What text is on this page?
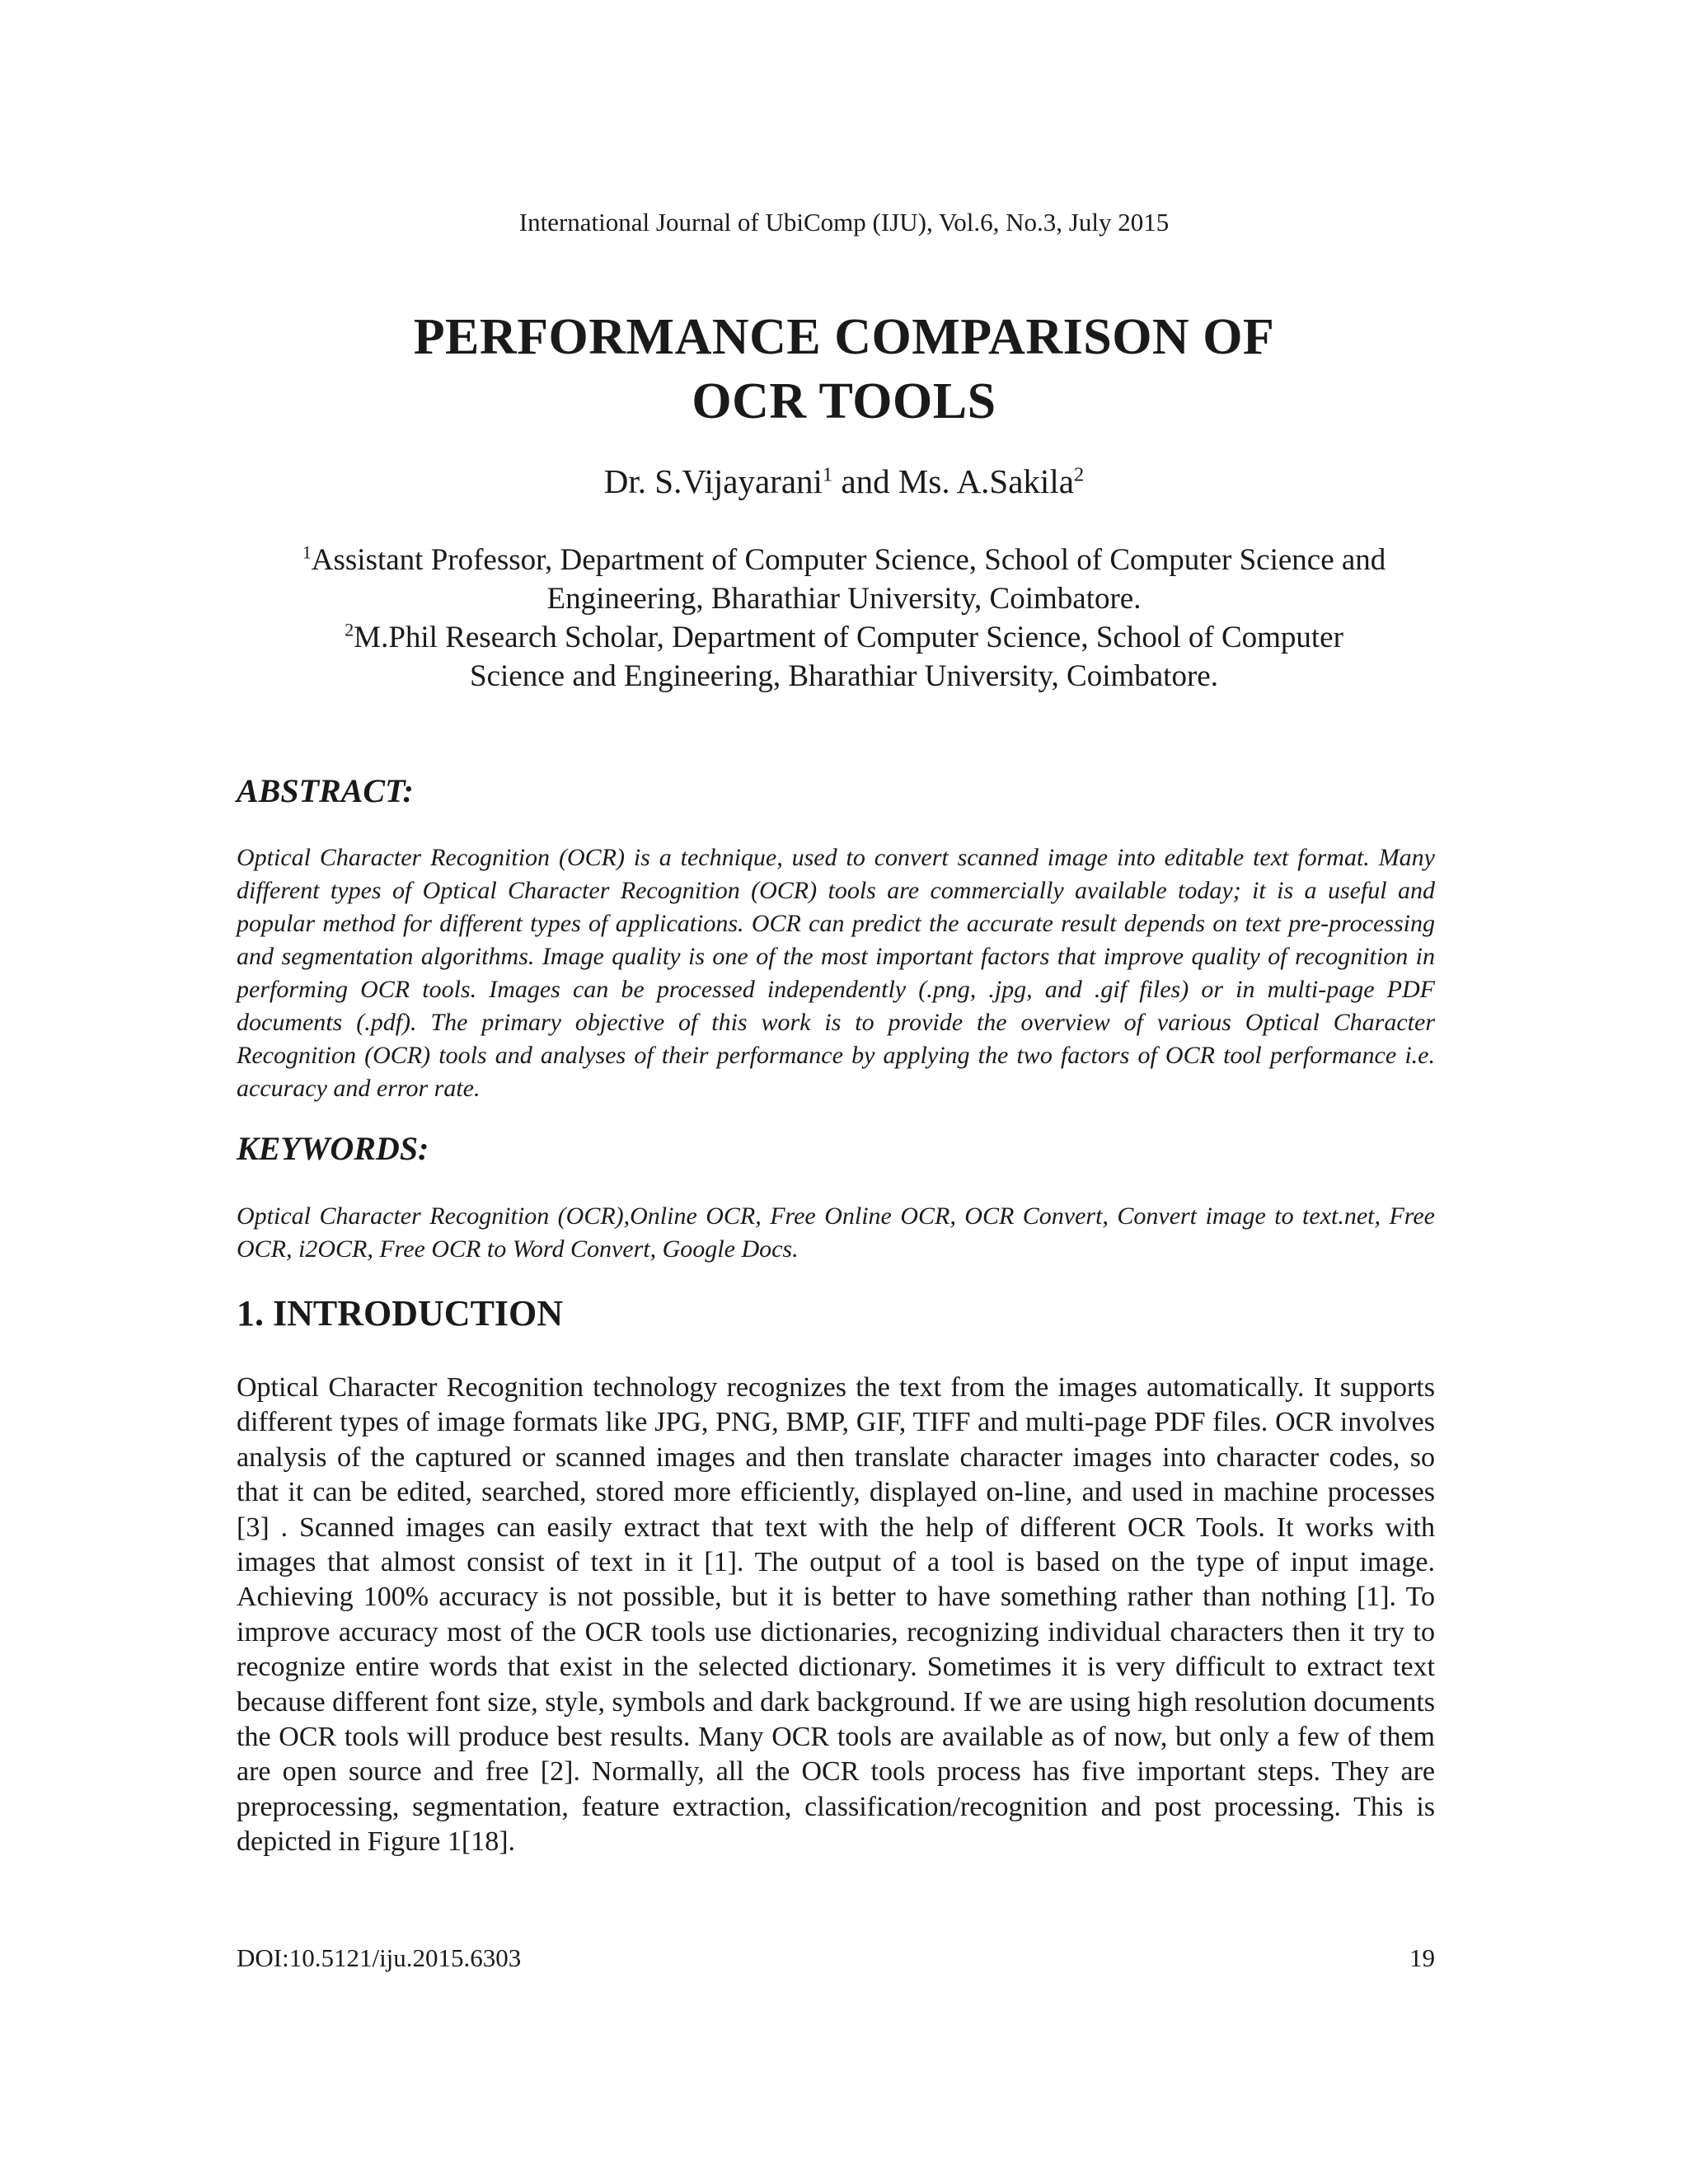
International Journal of UbiComp (IJU), Vol.6, No.3, July 2015
PERFORMANCE COMPARISON OF
OCR TOOLS
Dr. S.Vijayarani$^1$ and Ms. A.Sakila$^2$
$^1$Assistant Professor, Department of Computer Science, School of Computer Science and
Engineering, Bharathiar University, Coimbatore.
$^2$M.Phil Research Scholar, Department of Computer Science, School of Computer
Science and Engineering, Bharathiar University, Coimbatore.
ABSTRACT:
Optical Character Recognition (OCR) is a technique, used to convert scanned image into editable text format. Many different types of Optical Character Recognition (OCR) tools are commercially available today; it is a useful and popular method for different types of applications. OCR can predict the accurate result depends on text pre-processing and segmentation algorithms. Image quality is one of the most important factors that improve quality of recognition in performing OCR tools. Images can be processed independently (.png, .jpg, and .gif files) or in multi-page PDF documents (.pdf). The primary objective of this work is to provide the overview of various Optical Character Recognition (OCR) tools and analyses of their performance by applying the two factors of OCR tool performance i.e. accuracy and error rate.
KEYWORDS:
Optical Character Recognition (OCR),Online OCR, Free Online OCR, OCR Convert, Convert image to text.net, Free OCR, i2OCR, Free OCR to Word Convert, Google Docs.
1. INTRODUCTION
Optical Character Recognition technology recognizes the text from the images automatically. It supports different types of image formats like JPG, PNG, BMP, GIF, TIFF and multi-page PDF files. OCR involves analysis of the captured or scanned images and then translate character images into character codes, so that it can be edited, searched, stored more efficiently, displayed on-line, and used in machine processes [3] . Scanned images can easily extract that text with the help of different OCR Tools. It works with images that almost consist of text in it [1]. The output of a tool is based on the type of input image. Achieving 100% accuracy is not possible, but it is better to have something rather than nothing [1]. To improve accuracy most of the OCR tools use dictionaries, recognizing individual characters then it try to recognize entire words that exist in the selected dictionary. Sometimes it is very difficult to extract text because different font size, style, symbols and dark background. If we are using high resolution documents the OCR tools will produce best results. Many OCR tools are available as of now, but only a few of them are open source and free [2]. Normally, all the OCR tools process has five important steps. They are preprocessing, segmentation, feature extraction, classification/recognition and post processing. This is depicted in Figure 1[18].
DOI:10.5121/iju.2015.6303	19
